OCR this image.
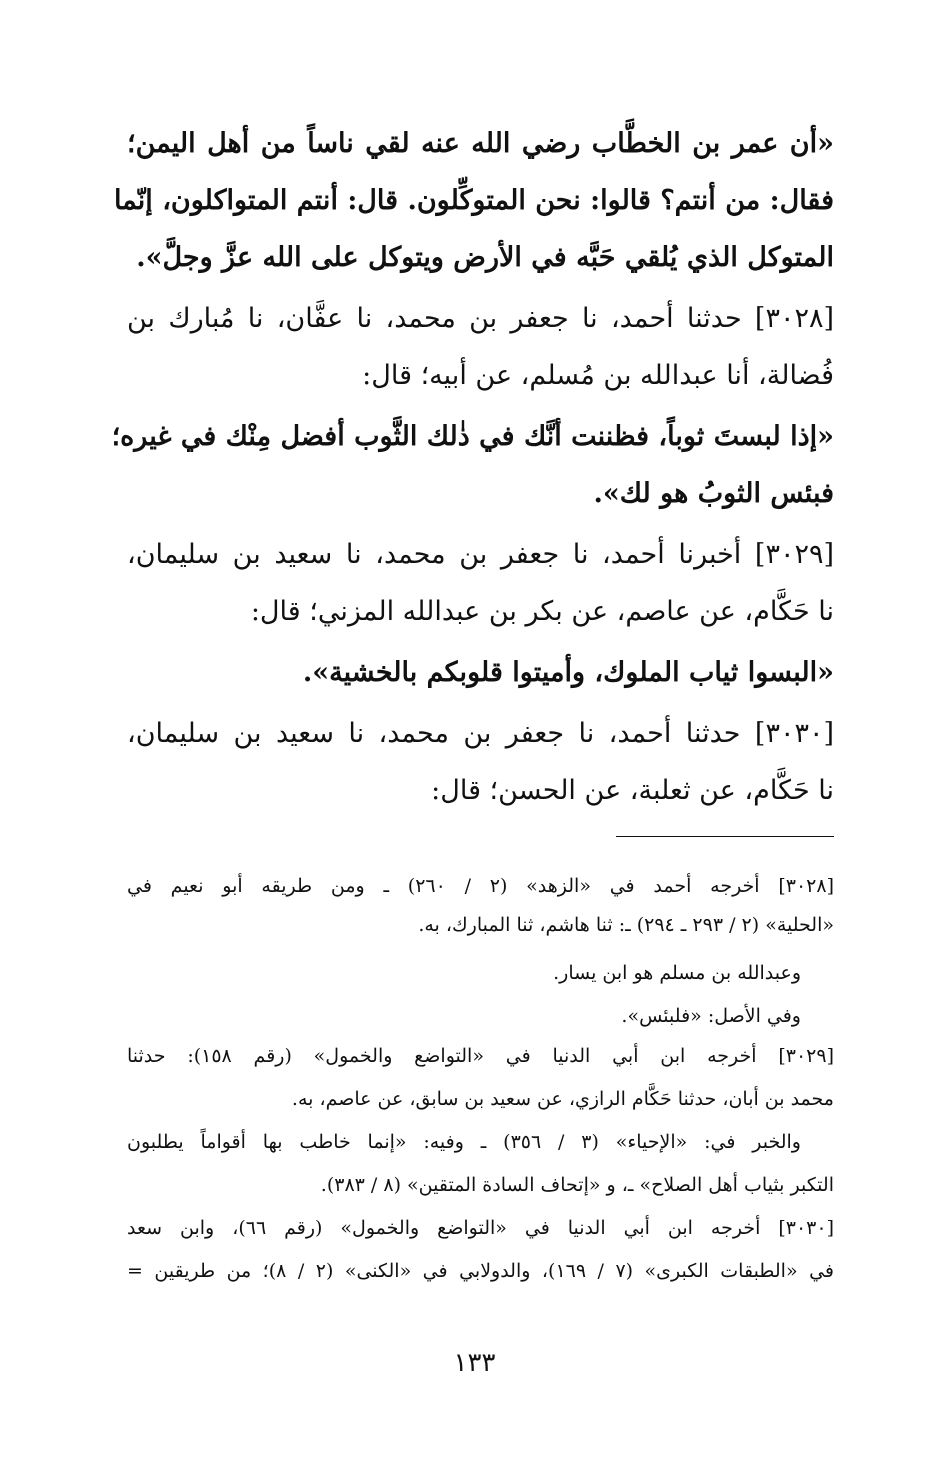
«أن عمر بن الخطَّاب رضي الله عنه لقي ناساً من أهل اليمن؛
فقال: من أنتم؟ قالوا: نحن المتوكِّلون. قال: أنتم المتواكلون، إنّما
المتوكل الذي يُلقي حَبَّه في الأرض ويتوكل على الله عزَّ وجلَّ».
[٣٠٢٨] حدثنا أحمد، نا جعفر بن محمد، نا عفَّان، نا مُبارك بن
فُضالة، أنا عبدالله بن مُسلم، عن أبيه؛ قال:
«إذا لبستَ ثوباً، فظننت أنَّك في ذٰلك الثَّوب أفضل مِنْك في غيره؛
فبئس الثوبُ هو لك».
[٣٠٢٩] أخبرنا أحمد، نا جعفر بن محمد، نا سعيد بن سليمان،
نا حَكَّام، عن عاصم، عن بكر بن عبدالله المزني؛ قال:
«البسوا ثياب الملوك، وأميتوا قلوبكم بالخشية».
[٣٠٣٠] حدثنا أحمد، نا جعفر بن محمد، نا سعيد بن سليمان،
نا حَكَّام، عن ثعلبة، عن الحسن؛ قال:
[٣٠٢٨] أخرجه أحمد في «الزهد» (٢ / ٢٦٠) ـ ومن طريقه أبو نعيم في
«الحلية» (٢ / ٢٩٣ ـ ٢٩٤) ـ: ثنا هاشم، ثنا المبارك، به.
وعبدالله بن مسلم هو ابن يسار.
وفي الأصل: «فلبئس».
[٣٠٢٩] أخرجه ابن أبي الدنيا في «التواضع والخمول» (رقم ١٥٨): حدثنا
محمد بن أبان، حدثنا حَكَّام الرازي، عن سعيد بن سابق، عن عاصم، به.
والخبر في: «الإحياء» (٣ / ٣٥٦) ـ وفيه: «إنما خاطب بها أقواماً يطلبون
التكبر بثياب أهل الصلاح» ـ، و «إتحاف السادة المتقين» (٨ / ٣٨٣).
[٣٠٣٠] أخرجه ابن أبي الدنيا في «التواضع والخمول» (رقم ٦٦)، وابن سعد
في «الطبقات الكبرى» (٧ / ١٦٩)، والدولابي في «الكنى» (٢ / ٨)؛ من طريقين =
١٣٣
